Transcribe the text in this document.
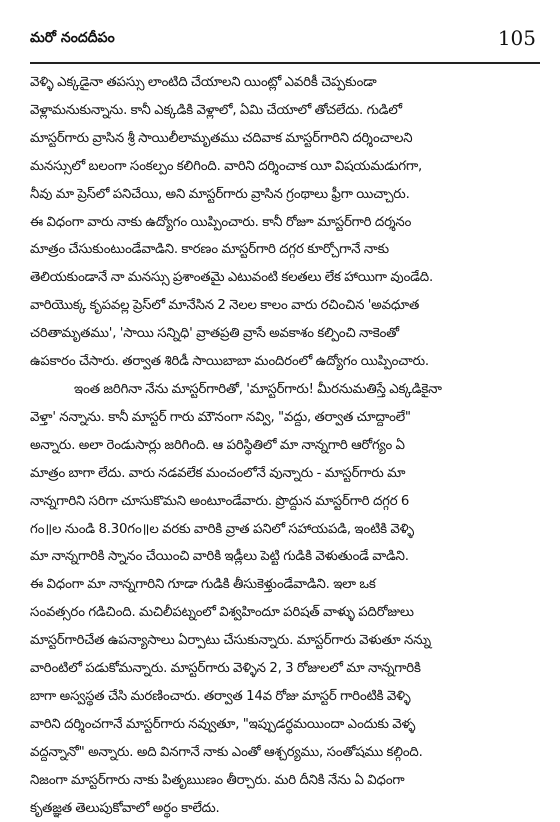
మరో నందదీపం	105

వెళ్ళి ఎక్కడైనా తపస్సు లాంటిది చేయాలని యింట్లో ఎవరికీ చెప్పకుండా
వెళ్లామనుకున్నాను. కానీ ఎక్కడికి వెళ్లాలో, ఏమి చేయాలో తోచలేదు. గుడిలో
మాస్టర్‌గారు వ్రాసిన శ్రీ సాయిలీలామృతము చదివాక మాస్టర్‌గారిని దర్శించాలని
మనస్సులో బలంగా సంకల్పం కలిగింది. వారిని దర్శించాక యీ విషయమడుగగా,
నీవు మా ప్రెస్‌లో పనిచేయి, అని మాస్టర్‌గారు వ్రాసిన గ్రంథాలు ఫ్రీగా యిచ్చారు.
ఈ విధంగా వారు నాకు ఉద్యోగం యిప్పించారు. కానీ రోజూ మాస్టర్‌గారి దర్శనం
మాత్రం చేసుకుంటుండేవాడిని. కారణం మాస్టర్‌గారి దగ్గర కూర్చోగానే నాకు
తెలియకుండానే నా మనస్సు ప్రశాంతమై ఎటువంటి కలతలు లేక హాయిగా వుండేది.
వారియొక్క కృపవల్ల ప్రెస్‌లో మానేసిన 2 నెలల కాలం వారు రచించిన 'అవధూత
చరితామృతము', 'సాయి సన్నిధి' వ్రాతప్రతి వ్రాసే అవకాశం కల్పించి నాకెంతో
ఉపకారం చేసారు. తర్వాత శిరిడీ సాయిబాబా మందిరంలో ఉద్యోగం యిప్పించారు.

ఇంత జరిగినా నేను మాస్టర్‌గారితో, 'మాస్టర్‌గారు! మీరనుమతిస్తే ఎక్కడికైనా
వెళ్తా' నన్నాను. కానీ మాస్టర్ గారు మౌనంగా నవ్వి, "వద్దు, తర్వాత చూద్దాంలే"
అన్నారు. అలా రెండుసార్లు జరిగింది. ఆ పరిస్థితిలో మా నాన్నగారి ఆరోగ్యం ఏ
మాత్రం బాగా లేదు. వారు నడవలేక మంచంలోనే వున్నారు - మాస్టర్‌గారు మా
నాన్నగారిని సరిగా చూసుకొమని అంటూండేవారు. ప్రొద్దున మాస్టర్‌గారి దగ్గర 6
గం॥ల నుండి 8.30గం॥ల వరకు వారికి వ్రాత పనిలో సహాయపడి, ఇంటికి వెళ్ళి
మా నాన్నగారికి స్నానం చేయించి వారికి ఇడ్లీలు పెట్టి గుడికి వెళుతుండే వాడిని.
ఈ విధంగా మా నాన్నగారిని గూడా గుడికి తీసుకెళ్తుండేవాడిని. ఇలా ఒక
సంవత్సరం గడిచింది. మచిలీపట్నంలో విశ్వహిందూ పరిషత్ వాళ్ళు పదిరోజులు
మాస్టర్‌గారిచేత ఉపన్యాసాలు ఏర్పాటు చేసుకున్నారు. మాస్టర్‌గారు వెళుతూ నన్ను
వారింటిలో పడుకోమన్నారు. మాస్టర్‌గారు వెళ్ళిన 2, 3 రోజులలో మా నాన్నగారికి
బాగా అస్వస్థత చేసి మరణించారు. తర్వాత 14వ రోజు మాస్టర్ గారింటికి వెళ్ళి
వారిని దర్శించగానే మాస్టర్‌గారు నవ్వుతూ, "ఇప్పుడర్థమయిందా ఎందుకు వెళ్ళ
వద్దన్నానో" అన్నారు. అది వినగానే నాకు ఎంతో ఆశ్చర్యము, సంతోషము కల్గింది.
నిజంగా మాస్టర్‌గారు నాకు పితృఋణం తీర్చారు. మరి దీనికి నేను ఏ విధంగా
కృతజ్ఞత తెలుపుకోవాలో అర్థం కాలేదు.
